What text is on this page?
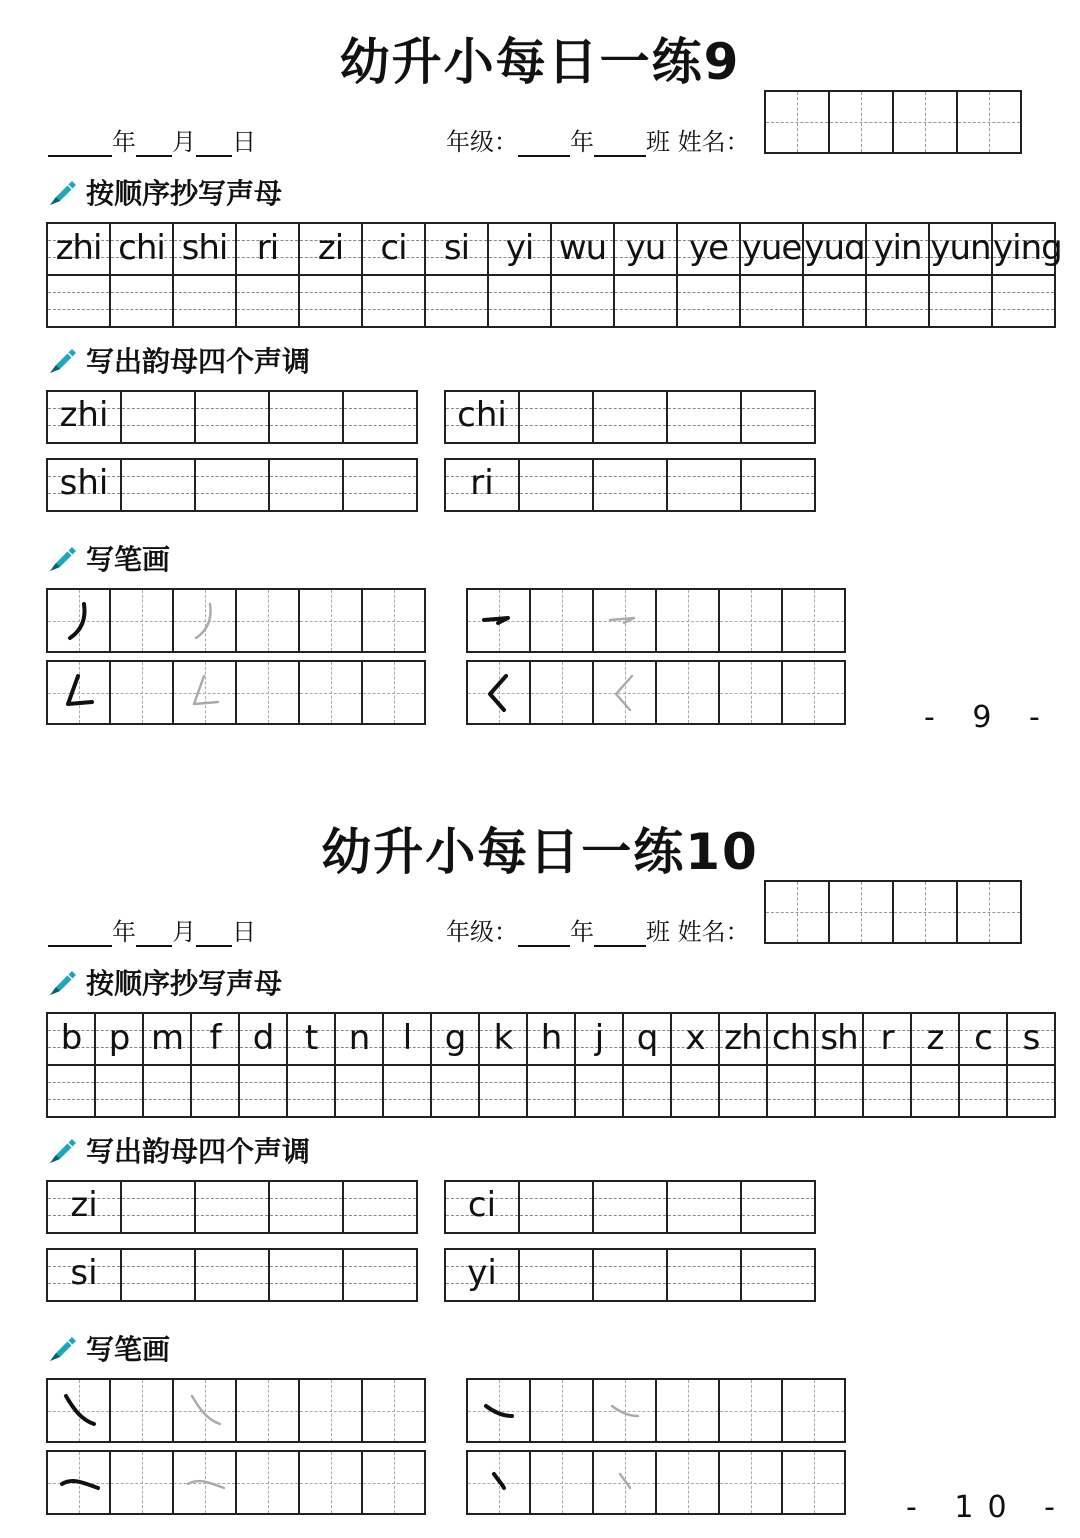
幼升小每日一练9
年 月 日	年级： 年 班 姓名：
按顺序抄写声母
zhi chi shi ri	zi	ci	si	yi wu yu ye yue yuɑ yin yun ying
写出韵母四个声调
zhi	chi
shi	ri
写笔画
- 9 -
幼升小每日一练10
年 月 日	年级： 年 班 姓名：
按顺序抄写声母
b p m f d t n l g k h j q x zh ch sh r z c s
写出韵母四个声调
zi	ci
si	yi
写笔画
- 10 -
